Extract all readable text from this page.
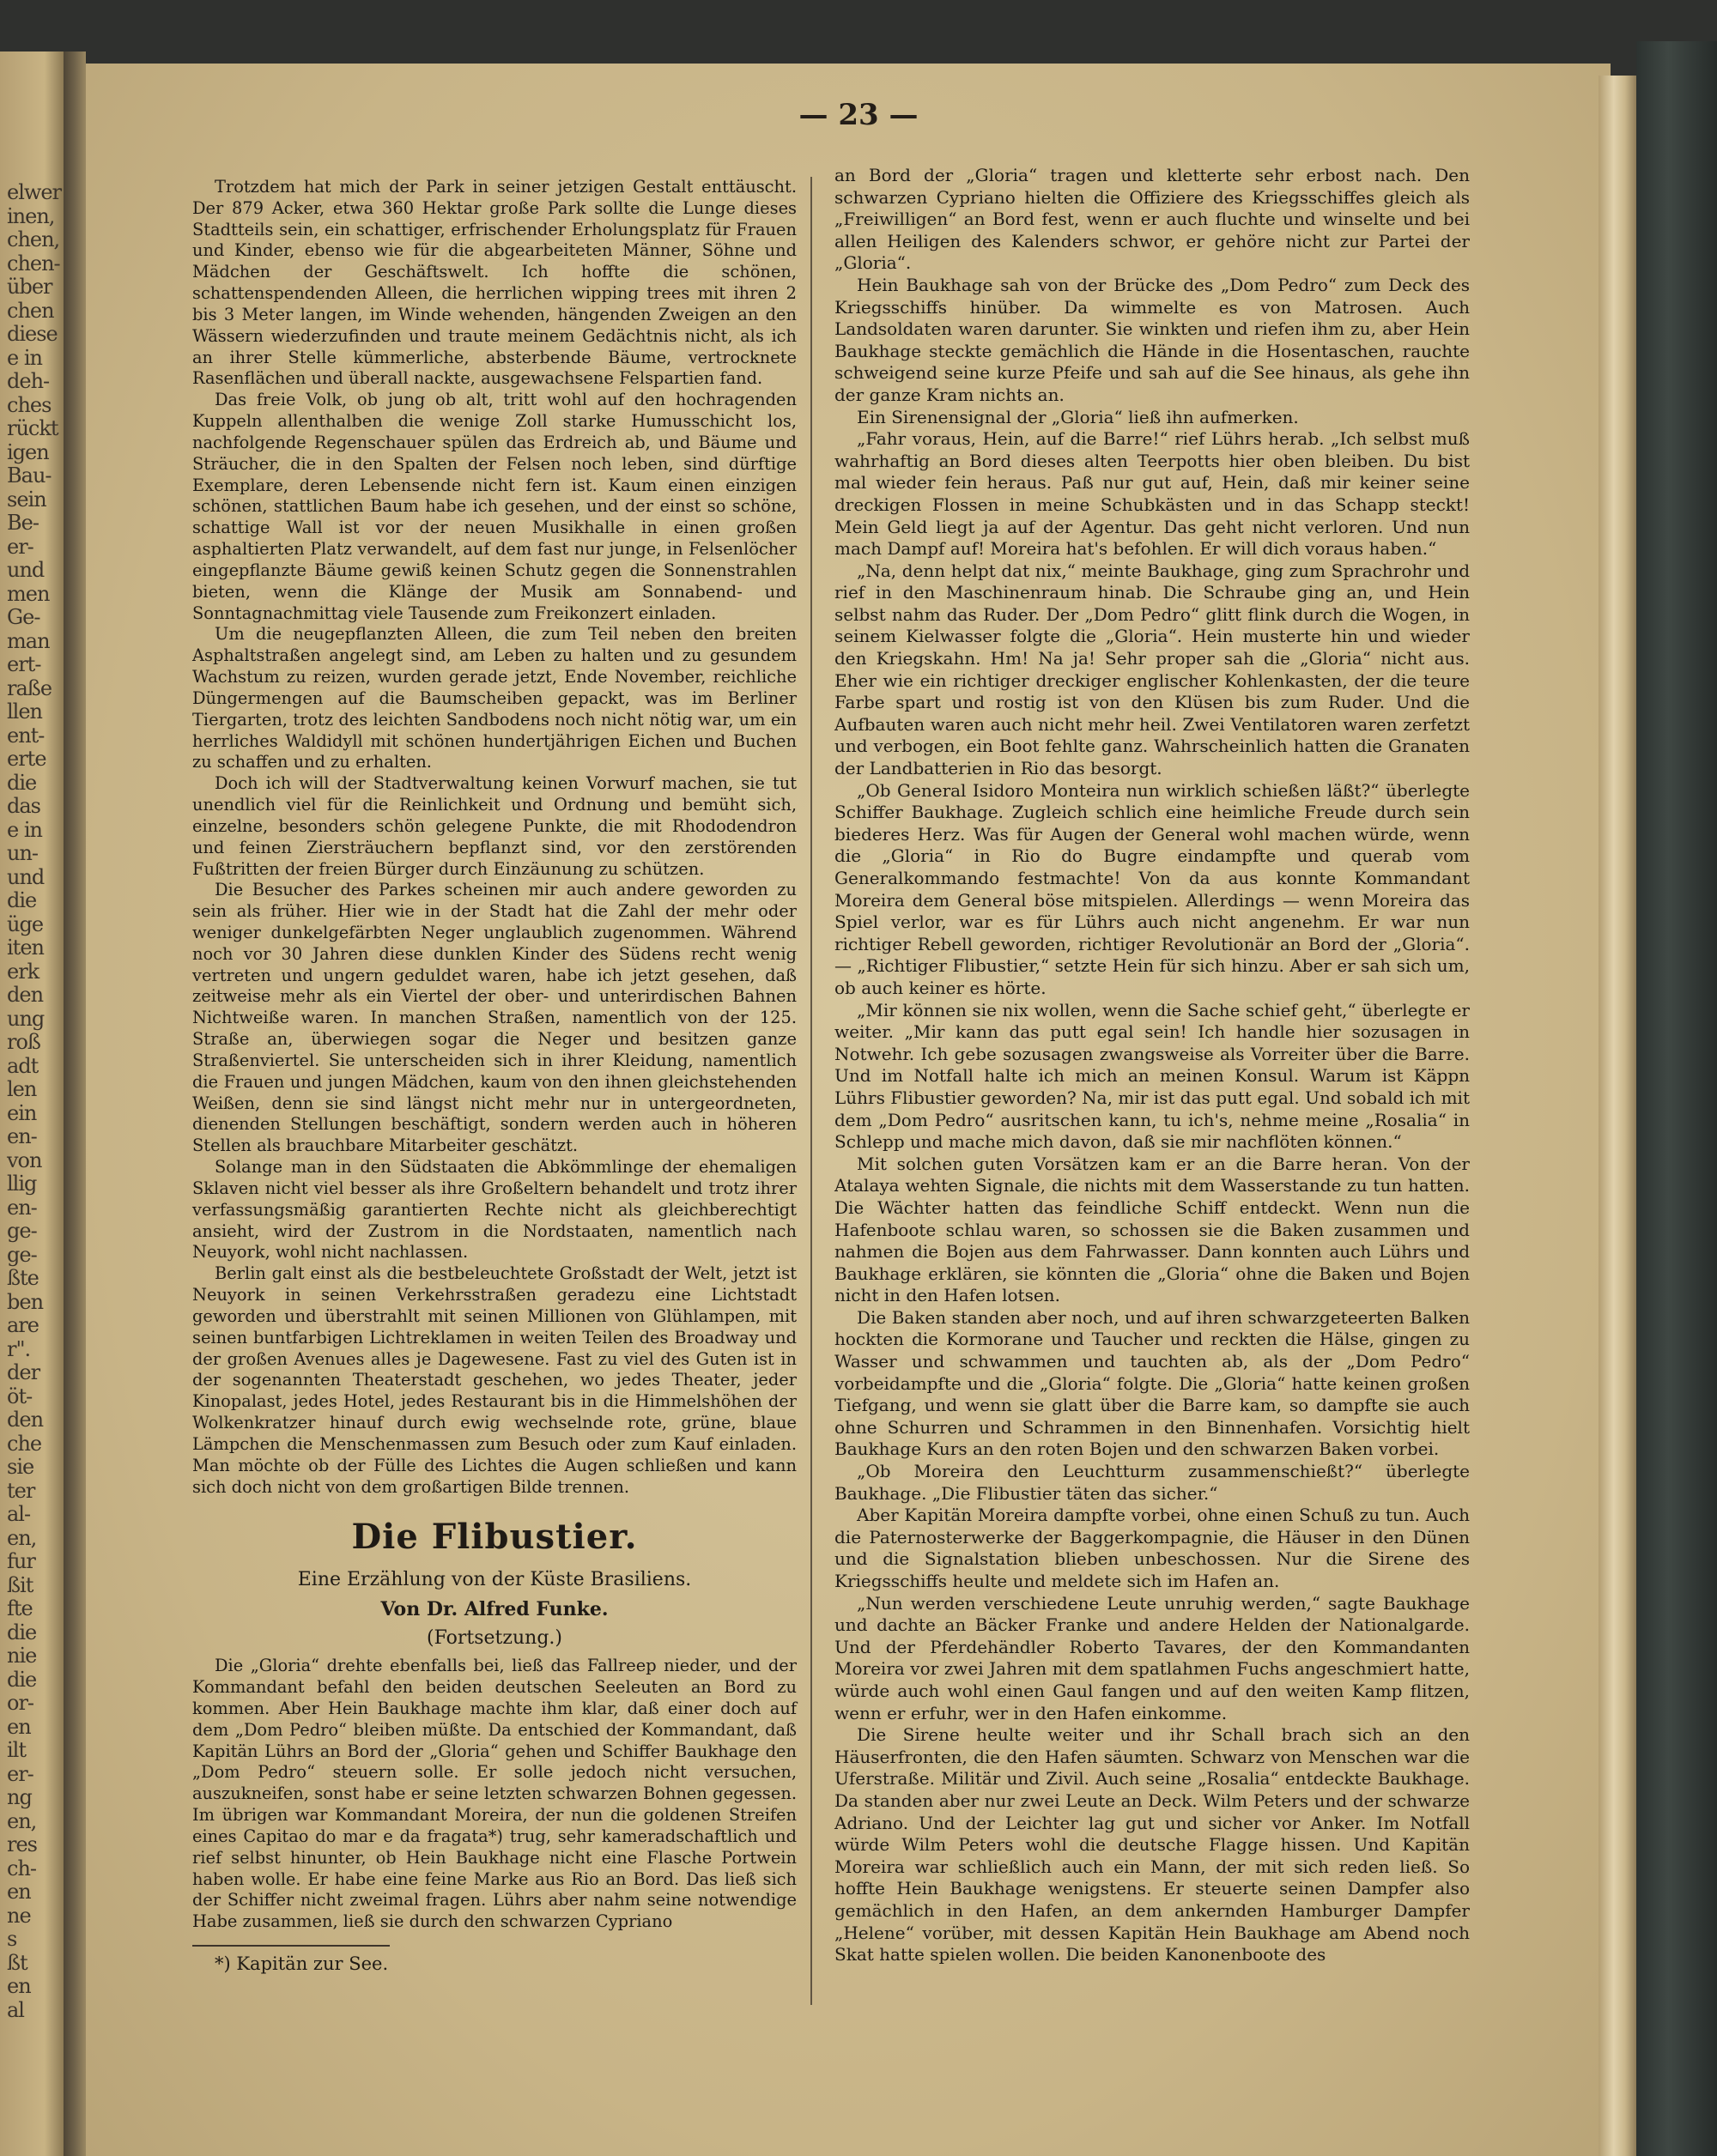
elwer
inen,
chen,
chen-
über
chen
diese
e in
deh-
ches
rückt
igen
Bau-
sein
Be-
er-
und
men
Ge-
man
ert-
raße
llen
ent-
erte
die
das
e in
un-
und
die
üge
iten
erk
den
ung
roß
adt
len
ein
en-
von
llig
en-
ge-
ge-
ßte
ben
are
r".
der
öt-
den
che
sie
ter
al-
en,
fur
ßit
fte
die
nie
die
or-
en
ilt
er-
ng
en,
res
ch-
en
ne
s
ßt
en
al
— 23 —

Trotzdem hat mich der Park in seiner jetzigen Gestalt enttäuscht. Der 879 Acker, etwa 360 Hektar große Park sollte die Lunge dieses Stadtteils sein, ein schattiger, erfrischender Erholungsplatz für Frauen und Kinder, ebenso wie für die abgearbeiteten Männer, Söhne und Mädchen der Geschäftswelt. Ich hoffte die schönen, schattenspendenden Alleen, die herrlichen wipping trees mit ihren 2 bis 3 Meter langen, im Winde wehenden, hängenden Zweigen an den Wässern wiederzufinden und traute meinem Gedächtnis nicht, als ich an ihrer Stelle kümmerliche, absterbende Bäume, vertrocknete Rasenflächen und überall nackte, ausgewachsene Felspartien fand.

Das freie Volk, ob jung ob alt, tritt wohl auf den hochragenden Kuppeln allenthalben die wenige Zoll starke Humusschicht los, nachfolgende Regenschauer spülen das Erdreich ab, und Bäume und Sträucher, die in den Spalten der Felsen noch leben, sind dürftige Exemplare, deren Lebensende nicht fern ist. Kaum einen einzigen schönen, stattlichen Baum habe ich gesehen, und der einst so schöne, schattige Wall ist vor der neuen Musikhalle in einen großen asphaltierten Platz verwandelt, auf dem fast nur junge, in Felsenlöcher eingepflanzte Bäume gewiß keinen Schutz gegen die Sonnenstrahlen bieten, wenn die Klänge der Musik am Sonnabend- und Sonntagnachmittag viele Tausende zum Freikonzert einladen.

Um die neugepflanzten Alleen, die zum Teil neben den breiten Asphaltstraßen angelegt sind, am Leben zu halten und zu gesundem Wachstum zu reizen, wurden gerade jetzt, Ende November, reichliche Düngermengen auf die Baumscheiben gepackt, was im Berliner Tiergarten, trotz des leichten Sandbodens noch nicht nötig war, um ein herrliches Waldidyll mit schönen hundertjährigen Eichen und Buchen zu schaffen und zu erhalten.

Doch ich will der Stadtverwaltung keinen Vorwurf machen, sie tut unendlich viel für die Reinlichkeit und Ordnung und bemüht sich, einzelne, besonders schön gelegene Punkte, die mit Rhododendron und feinen Ziersträuchern bepflanzt sind, vor den zerstörenden Fußtritten der freien Bürger durch Einzäunung zu schützen.

Die Besucher des Parkes scheinen mir auch andere geworden zu sein als früher. Hier wie in der Stadt hat die Zahl der mehr oder weniger dunkelgefärbten Neger unglaublich zugenommen. Während noch vor 30 Jahren diese dunklen Kinder des Südens recht wenig vertreten und ungern geduldet waren, habe ich jetzt gesehen, daß zeitweise mehr als ein Viertel der ober- und unterirdischen Bahnen Nichtweiße waren. In manchen Straßen, namentlich von der 125. Straße an, überwiegen sogar die Neger und besitzen ganze Straßenviertel. Sie unterscheiden sich in ihrer Kleidung, namentlich die Frauen und jungen Mädchen, kaum von den ihnen gleichstehenden Weißen, denn sie sind längst nicht mehr nur in untergeordneten, dienenden Stellungen beschäftigt, sondern werden auch in höheren Stellen als brauchbare Mitarbeiter geschätzt.

Solange man in den Südstaaten die Abkömmlinge der ehemaligen Sklaven nicht viel besser als ihre Großeltern behandelt und trotz ihrer verfassungsmäßig garantierten Rechte nicht als gleichberechtigt ansieht, wird der Zustrom in die Nordstaaten, namentlich nach Neuyork, wohl nicht nachlassen.

Berlin galt einst als die bestbeleuchtete Großstadt der Welt, jetzt ist Neuyork in seinen Verkehrsstraßen geradezu eine Lichtstadt geworden und überstrahlt mit seinen Millionen von Glühlampen, mit seinen buntfarbigen Lichtreklamen in weiten Teilen des Broadway und der großen Avenues alles je Dagewesene. Fast zu viel des Guten ist in der sogenannten Theaterstadt geschehen, wo jedes Theater, jeder Kinopalast, jedes Hotel, jedes Restaurant bis in die Himmelshöhen der Wolkenkratzer hinauf durch ewig wechselnde rote, grüne, blaue Lämpchen die Menschenmassen zum Besuch oder zum Kauf einladen. Man möchte ob der Fülle des Lichtes die Augen schließen und kann sich doch nicht von dem großartigen Bilde trennen.

Die Flibustier.
Eine Erzählung von der Küste Brasiliens.
Von Dr. Alfred Funke.
(Fortsetzung.)

Die „Gloria“ drehte ebenfalls bei, ließ das Fallreep nieder, und der Kommandant befahl den beiden deutschen Seeleuten an Bord zu kommen. Aber Hein Baukhage machte ihm klar, daß einer doch auf dem „Dom Pedro“ bleiben müßte. Da entschied der Kommandant, daß Kapitän Lührs an Bord der „Gloria“ gehen und Schiffer Baukhage den „Dom Pedro“ steuern solle. Er solle jedoch nicht versuchen, auszukneifen, sonst habe er seine letzten schwarzen Bohnen gegessen. Im übrigen war Kommandant Moreira, der nun die goldenen Streifen eines Capitao do mar e da fragata*) trug, sehr kameradschaftlich und rief selbst hinunter, ob Hein Baukhage nicht eine Flasche Portwein haben wolle. Er habe eine feine Marke aus Rio an Bord. Das ließ sich der Schiffer nicht zweimal fragen. Lührs aber nahm seine notwendige Habe zusammen, ließ sie durch den schwarzen Cypriano

*) Kapitän zur See.

an Bord der „Gloria“ tragen und kletterte sehr erbost nach. Den schwarzen Cypriano hielten die Offiziere des Kriegsschiffes gleich als „Freiwilligen“ an Bord fest, wenn er auch fluchte und winselte und bei allen Heiligen des Kalenders schwor, er gehöre nicht zur Partei der „Gloria“.

Hein Baukhage sah von der Brücke des „Dom Pedro“ zum Deck des Kriegsschiffs hinüber. Da wimmelte es von Matrosen. Auch Landsoldaten waren darunter. Sie winkten und riefen ihm zu, aber Hein Baukhage steckte gemächlich die Hände in die Hosentaschen, rauchte schweigend seine kurze Pfeife und sah auf die See hinaus, als gehe ihn der ganze Kram nichts an.

Ein Sirenensignal der „Gloria“ ließ ihn aufmerken.

„Fahr voraus, Hein, auf die Barre!“ rief Lührs herab. „Ich selbst muß wahrhaftig an Bord dieses alten Teerpotts hier oben bleiben. Du bist mal wieder fein heraus. Paß nur gut auf, Hein, daß mir keiner seine dreckigen Flossen in meine Schubkästen und in das Schapp steckt! Mein Geld liegt ja auf der Agentur. Das geht nicht verloren. Und nun mach Dampf auf! Moreira hat's befohlen. Er will dich voraus haben.“

„Na, denn helpt dat nix,“ meinte Baukhage, ging zum Sprachrohr und rief in den Maschinenraum hinab. Die Schraube ging an, und Hein selbst nahm das Ruder. Der „Dom Pedro“ glitt flink durch die Wogen, in seinem Kielwasser folgte die „Gloria“. Hein musterte hin und wieder den Kriegskahn. Hm! Na ja! Sehr proper sah die „Gloria“ nicht aus. Eher wie ein richtiger dreckiger englischer Kohlenkasten, der die teure Farbe spart und rostig ist von den Klüsen bis zum Ruder. Und die Aufbauten waren auch nicht mehr heil. Zwei Ventilatoren waren zerfetzt und verbogen, ein Boot fehlte ganz. Wahrscheinlich hatten die Granaten der Landbatterien in Rio das besorgt.

„Ob General Isidoro Monteira nun wirklich schießen läßt?“ überlegte Schiffer Baukhage. Zugleich schlich eine heimliche Freude durch sein biederes Herz. Was für Augen der General wohl machen würde, wenn die „Gloria“ in Rio do Bugre eindampfte und querab vom Generalkommando festmachte! Von da aus konnte Kommandant Moreira dem General böse mitspielen. Allerdings — wenn Moreira das Spiel verlor, war es für Lührs auch nicht angenehm. Er war nun richtiger Rebell geworden, richtiger Revolutionär an Bord der „Gloria“. — „Richtiger Flibustier,“ setzte Hein für sich hinzu. Aber er sah sich um, ob auch keiner es hörte.

„Mir können sie nix wollen, wenn die Sache schief geht,“ überlegte er weiter. „Mir kann das putt egal sein! Ich handle hier sozusagen in Notwehr. Ich gebe sozusagen zwangsweise als Vorreiter über die Barre. Und im Notfall halte ich mich an meinen Konsul. Warum ist Käppn Lührs Flibustier geworden? Na, mir ist das putt egal. Und sobald ich mit dem „Dom Pedro“ ausritschen kann, tu ich's, nehme meine „Rosalia“ in Schlepp und mache mich davon, daß sie mir nachflöten können.“

Mit solchen guten Vorsätzen kam er an die Barre heran. Von der Atalaya wehten Signale, die nichts mit dem Wasserstande zu tun hatten. Die Wächter hatten das feindliche Schiff entdeckt. Wenn nun die Hafenboote schlau waren, so schossen sie die Baken zusammen und nahmen die Bojen aus dem Fahrwasser. Dann konnten auch Lührs und Baukhage erklären, sie könnten die „Gloria“ ohne die Baken und Bojen nicht in den Hafen lotsen.

Die Baken standen aber noch, und auf ihren schwarzgeteerten Balken hockten die Kormorane und Taucher und reckten die Hälse, gingen zu Wasser und schwammen und tauchten ab, als der „Dom Pedro“ vorbeidampfte und die „Gloria“ folgte. Die „Gloria“ hatte keinen großen Tiefgang, und wenn sie glatt über die Barre kam, so dampfte sie auch ohne Schurren und Schrammen in den Binnenhafen. Vorsichtig hielt Baukhage Kurs an den roten Bojen und den schwarzen Baken vorbei.

„Ob Moreira den Leuchtturm zusammenschießt?“ überlegte Baukhage. „Die Flibustier täten das sicher.“

Aber Kapitän Moreira dampfte vorbei, ohne einen Schuß zu tun. Auch die Paternosterwerke der Baggerkompagnie, die Häuser in den Dünen und die Signalstation blieben unbeschossen. Nur die Sirene des Kriegsschiffs heulte und meldete sich im Hafen an.

„Nun werden verschiedene Leute unruhig werden,“ sagte Baukhage und dachte an Bäcker Franke und andere Helden der Nationalgarde. Und der Pferdehändler Roberto Tavares, der den Kommandanten Moreira vor zwei Jahren mit dem spatlahmen Fuchs angeschmiert hatte, würde auch wohl einen Gaul fangen und auf den weiten Kamp flitzen, wenn er erfuhr, wer in den Hafen einkomme.

Die Sirene heulte weiter und ihr Schall brach sich an den Häuserfronten, die den Hafen säumten. Schwarz von Menschen war die Uferstraße. Militär und Zivil. Auch seine „Rosalia“ entdeckte Baukhage. Da standen aber nur zwei Leute an Deck. Wilm Peters und der schwarze Adriano. Und der Leichter lag gut und sicher vor Anker. Im Notfall würde Wilm Peters wohl die deutsche Flagge hissen. Und Kapitän Moreira war schließlich auch ein Mann, der mit sich reden ließ. So hoffte Hein Baukhage wenigstens. Er steuerte seinen Dampfer also gemächlich in den Hafen, an dem ankernden Hamburger Dampfer „Helene“ vorüber, mit dessen Kapitän Hein Baukhage am Abend noch Skat hatte spielen wollen. Die beiden Kanonenboote des
